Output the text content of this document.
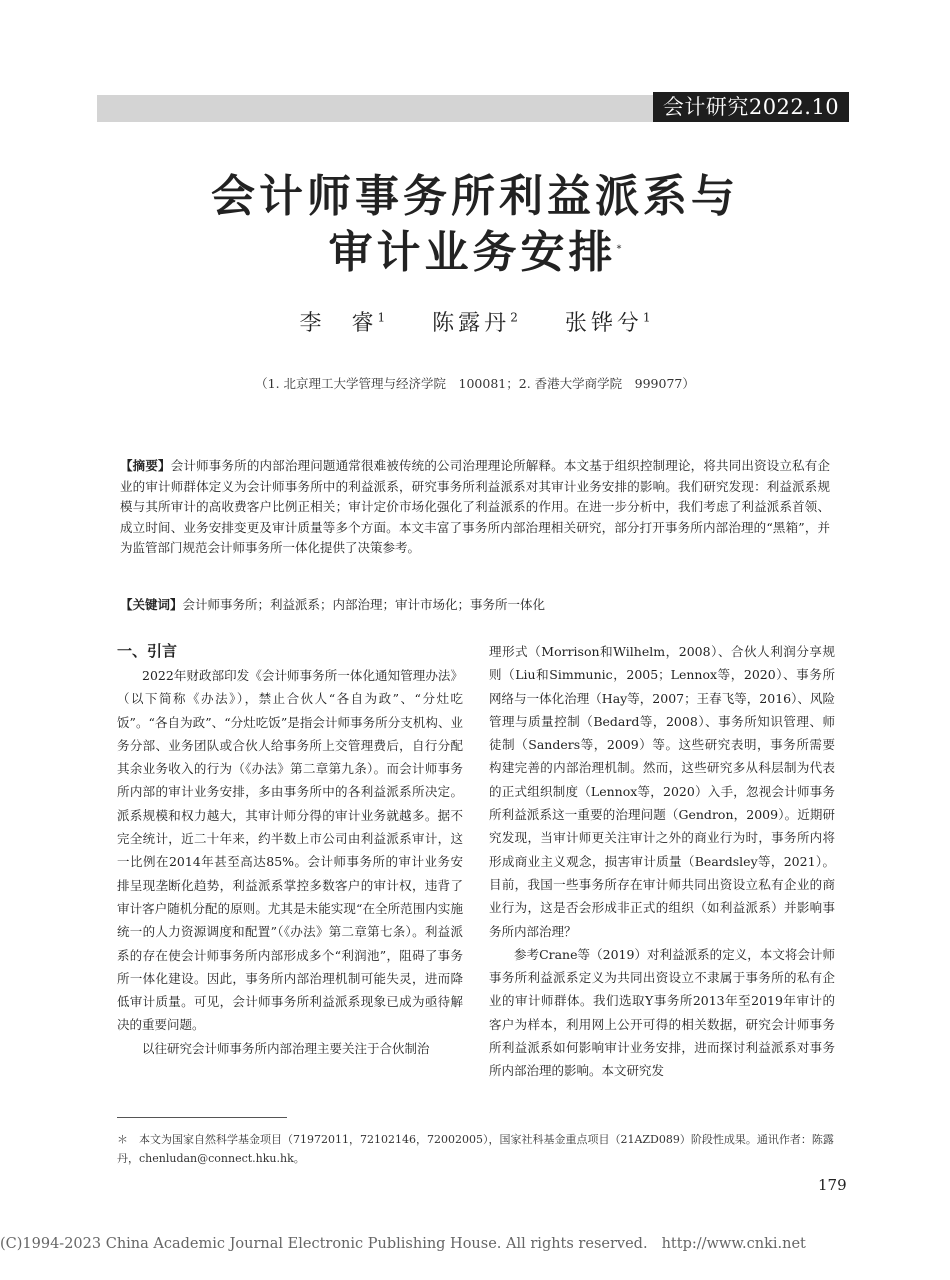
会计研究2022.10
会计师事务所利益派系与
审计业务安排*
李　睿$^1$ 陈露丹$^2$ 张铧兮$^1$
（1. 北京理工大学管理与经济学院　100081；2. 香港大学商学院　999077）
【摘要】会计师事务所的内部治理问题通常很难被传统的公司治理理论所解释。本文基于组织控制理论，将共同出资设立私有企业的审计师群体定义为会计师事务所中的利益派系，研究事务所利益派系对其审计业务安排的影响。我们研究发现：利益派系规模与其所审计的高收费客户比例正相关；审计定价市场化强化了利益派系的作用。在进一步分析中，我们考虑了利益派系首领、成立时间、业务安排变更及审计质量等多个方面。本文丰富了事务所内部治理相关研究，部分打开事务所内部治理的“黑箱”，并为监管部门规范会计师事务所一体化提供了决策参考。
【关键词】会计师事务所；利益派系；内部治理；审计市场化；事务所一体化
一、引言

2022年财政部印发《会计师事务所一体化通知管理办法》（以下简称《办法》），禁止合伙人“各自为政”、“分灶吃饭”。“各自为政”、“分灶吃饭”是指会计师事务所分支机构、业务分部、业务团队或合伙人给事务所上交管理费后，自行分配其余业务收入的行为（《办法》第二章第九条）。而会计师事务所内部的审计业务安排，多由事务所中的各利益派系所决定。派系规模和权力越大，其审计师分得的审计业务就越多。据不完全统计，近二十年来，约半数上市公司由利益派系审计，这一比例在2014年甚至高达85%。会计师事务所的审计业务安排呈现垄断化趋势，利益派系掌控多数客户的审计权，违背了审计客户随机分配的原则。尤其是未能实现“在全所范围内实施统一的人力资源调度和配置”（《办法》第二章第七条）。利益派系的存在使会计师事务所内部形成多个“利润池”，阻碍了事务所一体化建设。因此，事务所内部治理机制可能失灵，进而降低审计质量。可见，会计师事务所利益派系现象已成为亟待解决的重要问题。

以往研究会计师事务所内部治理主要关注于合伙制治

理形式（Morrison和Wilhelm，2008）、合伙人利润分享规则（Liu和Simmunic，2005；Lennox等，2020）、事务所网络与一体化治理（Hay等，2007；王春飞等，2016）、风险管理与质量控制（Bedard等，2008）、事务所知识管理、师徒制（Sanders等，2009）等。这些研究表明，事务所需要构建完善的内部治理机制。然而，这些研究多从科层制为代表的正式组织制度（Lennox等，2020）入手，忽视会计师事务所利益派系这一重要的治理问题（Gendron，2009）。近期研究发现，当审计师更关注审计之外的商业行为时，事务所内将形成商业主义观念，损害审计质量（Beardsley等，2021）。目前，我国一些事务所存在审计师共同出资设立私有企业的商业行为，这是否会形成非正式的组织（如利益派系）并影响事务所内部治理？

参考Crane等（2019）对利益派系的定义，本文将会计师事务所利益派系定义为共同出资设立不隶属于事务所的私有企业的审计师群体。我们选取Y事务所2013年至2019年审计的客户为样本，利用网上公开可得的相关数据，研究会计师事务所利益派系如何影响审计业务安排，进而探讨利益派系对事务所内部治理的影响。本文研究发

＊　本文为国家自然科学基金项目（71972011，72102146，72002005），国家社科基金重点项目（21AZD089）阶段性成果。通讯作者：陈露丹，chenludan@connect.hku.hk。
179
(C)1994-2023 China Academic Journal Electronic Publishing House. All rights reserved. http://www.cnki.net
